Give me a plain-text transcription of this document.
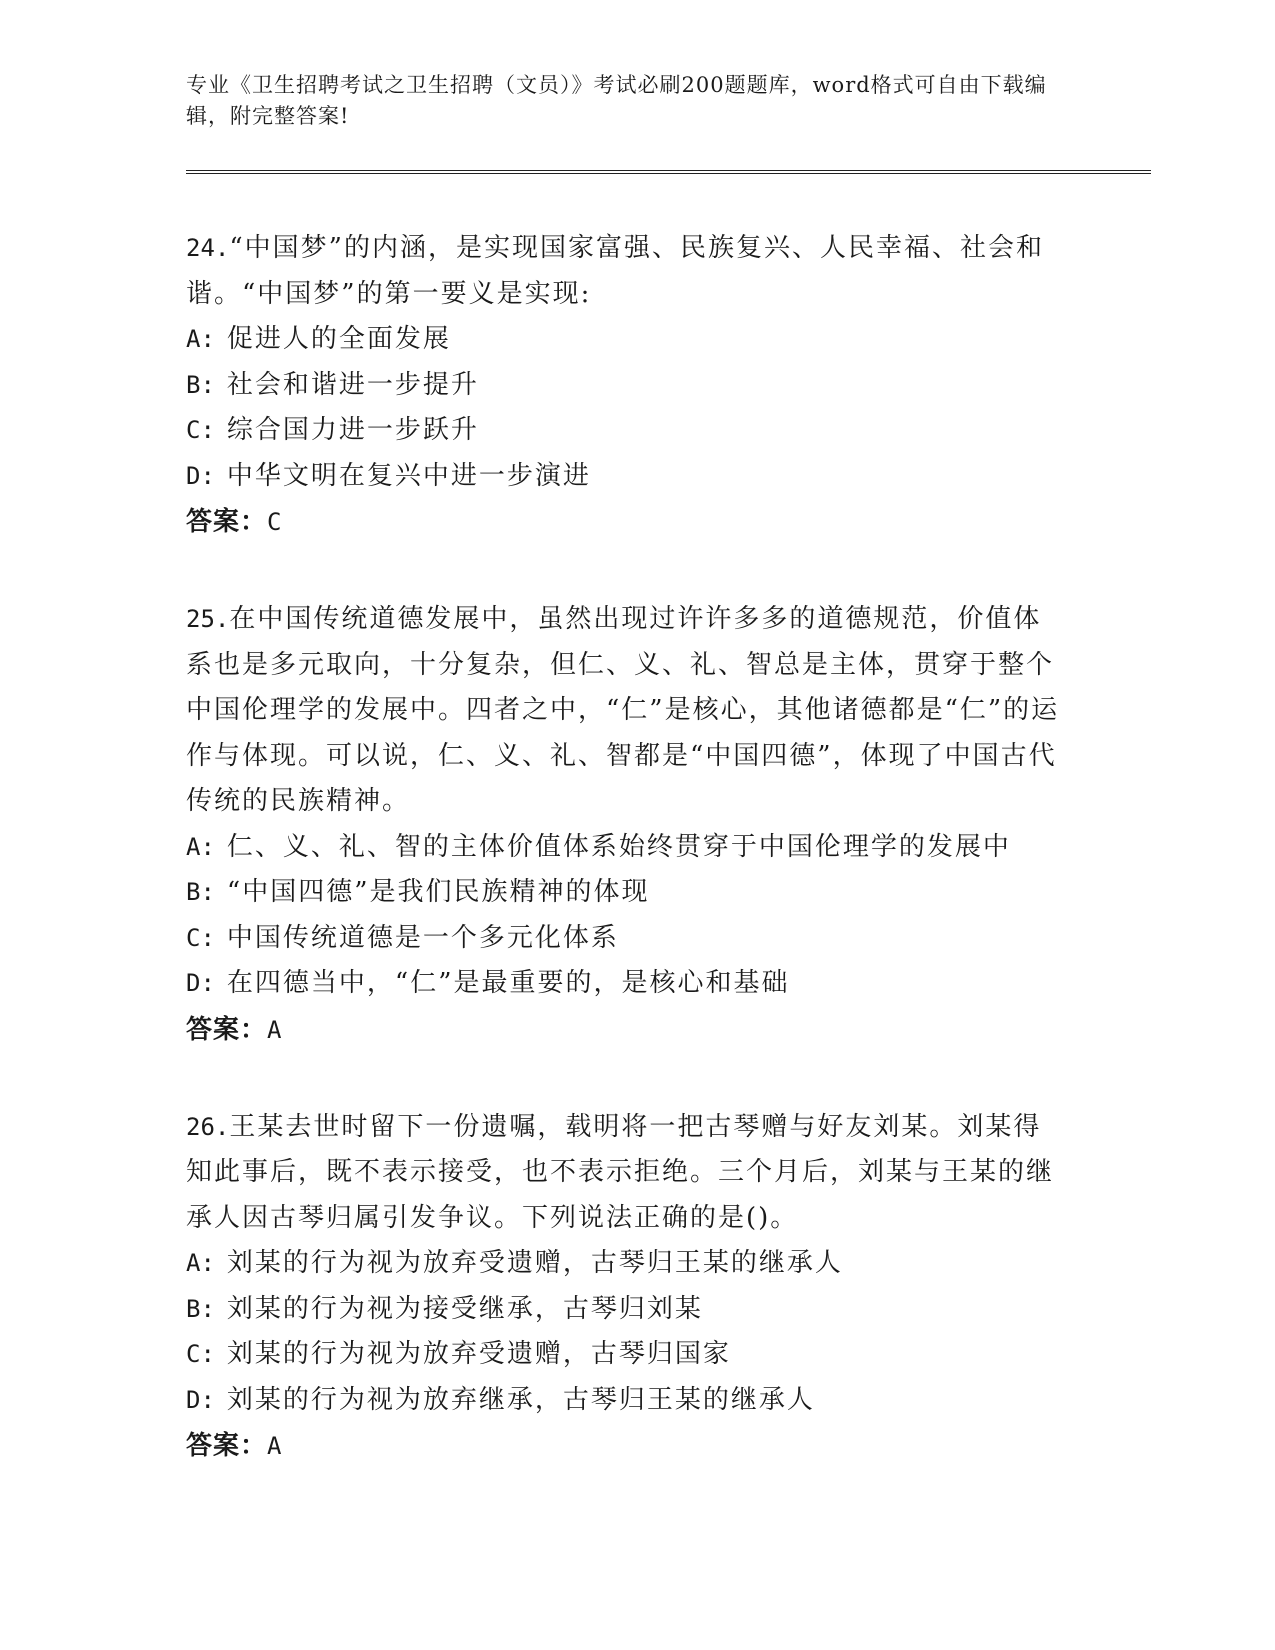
专业《卫生招聘考试之卫生招聘（文员）》考试必刷200题题库，word格式可自由下载编辑，附完整答案!

24.“中国梦”的内涵，是实现国家富强、民族复兴、人民幸福、社会和谐。“中国梦”的第一要义是实现:

A: 促进人的全面发展

B: 社会和谐进一步提升

C: 综合国力进一步跃升

D: 中华文明在复兴中进一步演进

答案：C

25.在中国传统道德发展中，虽然出现过许许多多的道德规范，价值体系也是多元取向，十分复杂，但仁、义、礼、智总是主体，贯穿于整个中国伦理学的发展中。四者之中，“仁”是核心，其他诸德都是“仁”的运作与体现。可以说，仁、义、礼、智都是“中国四德”，体现了中国古代传统的民族精神。

A: 仁、义、礼、智的主体价值体系始终贯穿于中国伦理学的发展中

B: “中国四德”是我们民族精神的体现

C: 中国传统道德是一个多元化体系

D: 在四德当中，“仁”是最重要的，是核心和基础

答案：A

26.王某去世时留下一份遗嘱，载明将一把古琴赠与好友刘某。刘某得知此事后，既不表示接受，也不表示拒绝。三个月后，刘某与王某的继承人因古琴归属引发争议。下列说法正确的是()。

A: 刘某的行为视为放弃受遗赠，古琴归王某的继承人

B: 刘某的行为视为接受继承，古琴归刘某

C: 刘某的行为视为放弃受遗赠，古琴归国家

D: 刘某的行为视为放弃继承，古琴归王某的继承人

答案：A
